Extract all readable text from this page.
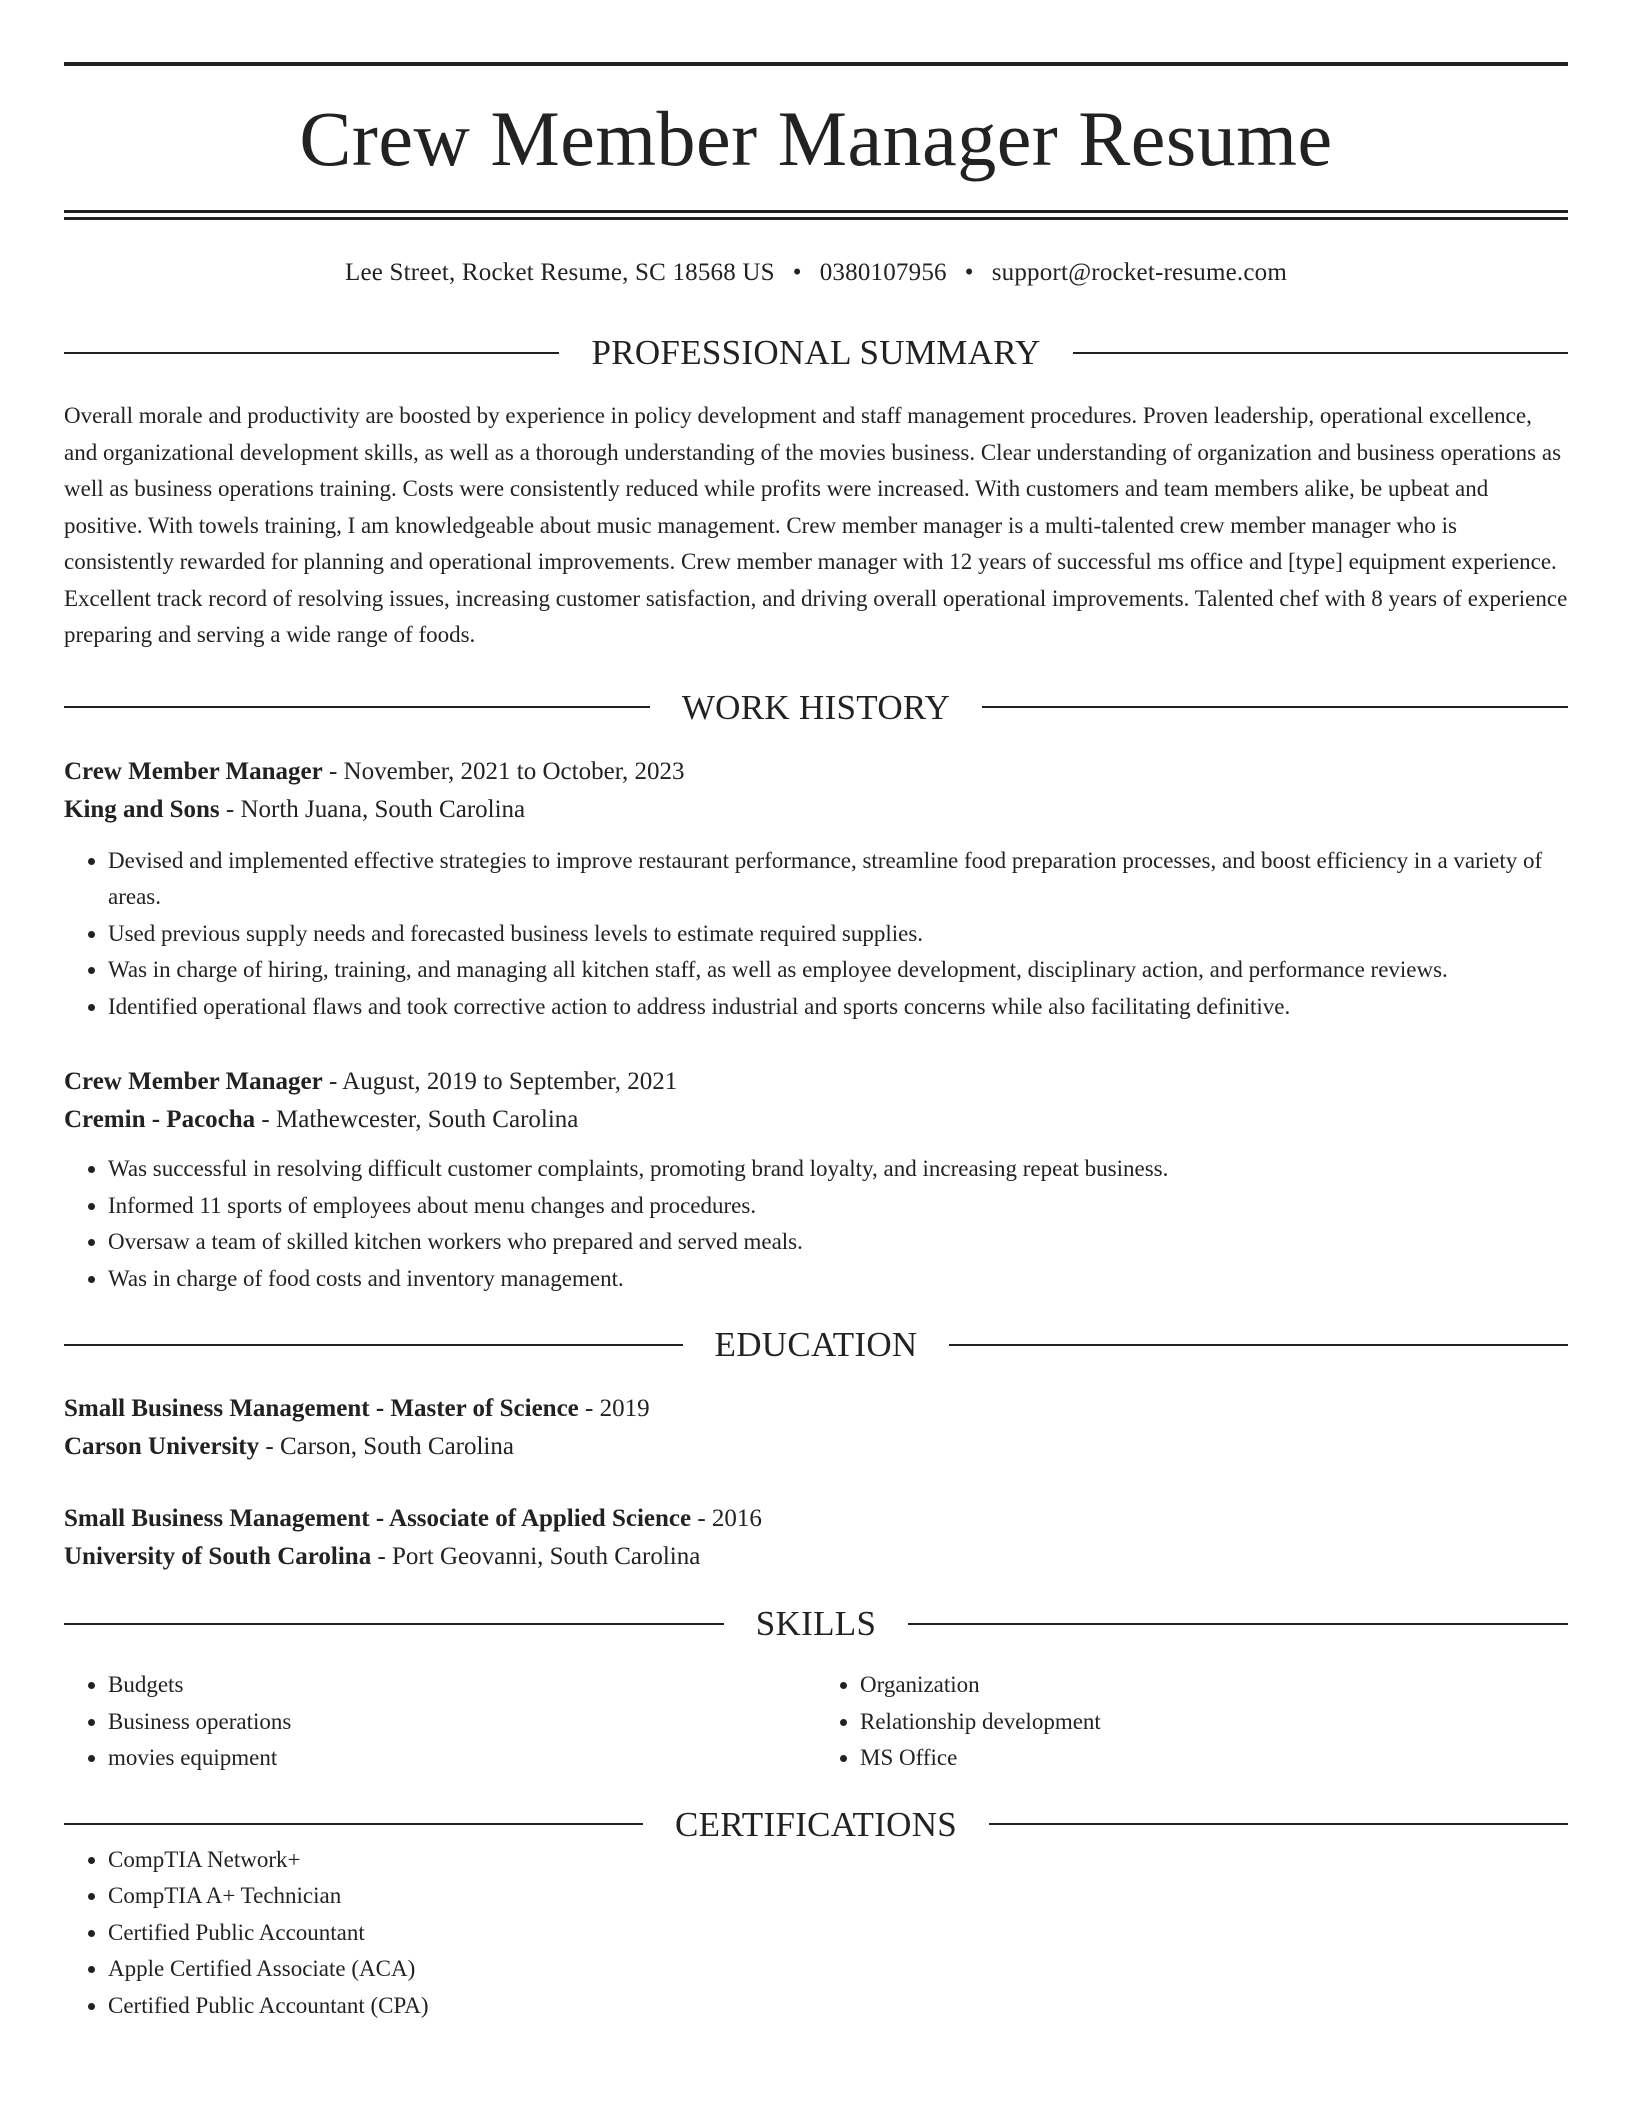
Crew Member Manager Resume
Lee Street, Rocket Resume, SC 18568 US • 0380107956 • support@rocket-resume.com
PROFESSIONAL SUMMARY
Overall morale and productivity are boosted by experience in policy development and staff management procedures. Proven leadership, operational excellence, and organizational development skills, as well as a thorough understanding of the movies business. Clear understanding of organization and business operations as well as business operations training. Costs were consistently reduced while profits were increased. With customers and team members alike, be upbeat and positive. With towels training, I am knowledgeable about music management. Crew member manager is a multi-talented crew member manager who is consistently rewarded for planning and operational improvements. Crew member manager with 12 years of successful ms office and [type] equipment experience. Excellent track record of resolving issues, increasing customer satisfaction, and driving overall operational improvements. Talented chef with 8 years of experience preparing and serving a wide range of foods.
WORK HISTORY
Crew Member Manager - November, 2021 to October, 2023
King and Sons - North Juana, South Carolina
• Devised and implemented effective strategies to improve restaurant performance, streamline food preparation processes, and boost efficiency in a variety of areas.
• Used previous supply needs and forecasted business levels to estimate required supplies.
• Was in charge of hiring, training, and managing all kitchen staff, as well as employee development, disciplinary action, and performance reviews.
• Identified operational flaws and took corrective action to address industrial and sports concerns while also facilitating definitive.
Crew Member Manager - August, 2019 to September, 2021
Cremin - Pacocha - Mathewcester, South Carolina
• Was successful in resolving difficult customer complaints, promoting brand loyalty, and increasing repeat business.
• Informed 11 sports of employees about menu changes and procedures.
• Oversaw a team of skilled kitchen workers who prepared and served meals.
• Was in charge of food costs and inventory management.
EDUCATION
Small Business Management - Master of Science - 2019
Carson University - Carson, South Carolina
Small Business Management - Associate of Applied Science - 2016
University of South Carolina - Port Geovanni, South Carolina
SKILLS
• Budgets
• Business operations
• movies equipment
• Organization
• Relationship development
• MS Office
CERTIFICATIONS
• CompTIA Network+
• CompTIA A+ Technician
• Certified Public Accountant
• Apple Certified Associate (ACA)
• Certified Public Accountant (CPA)
